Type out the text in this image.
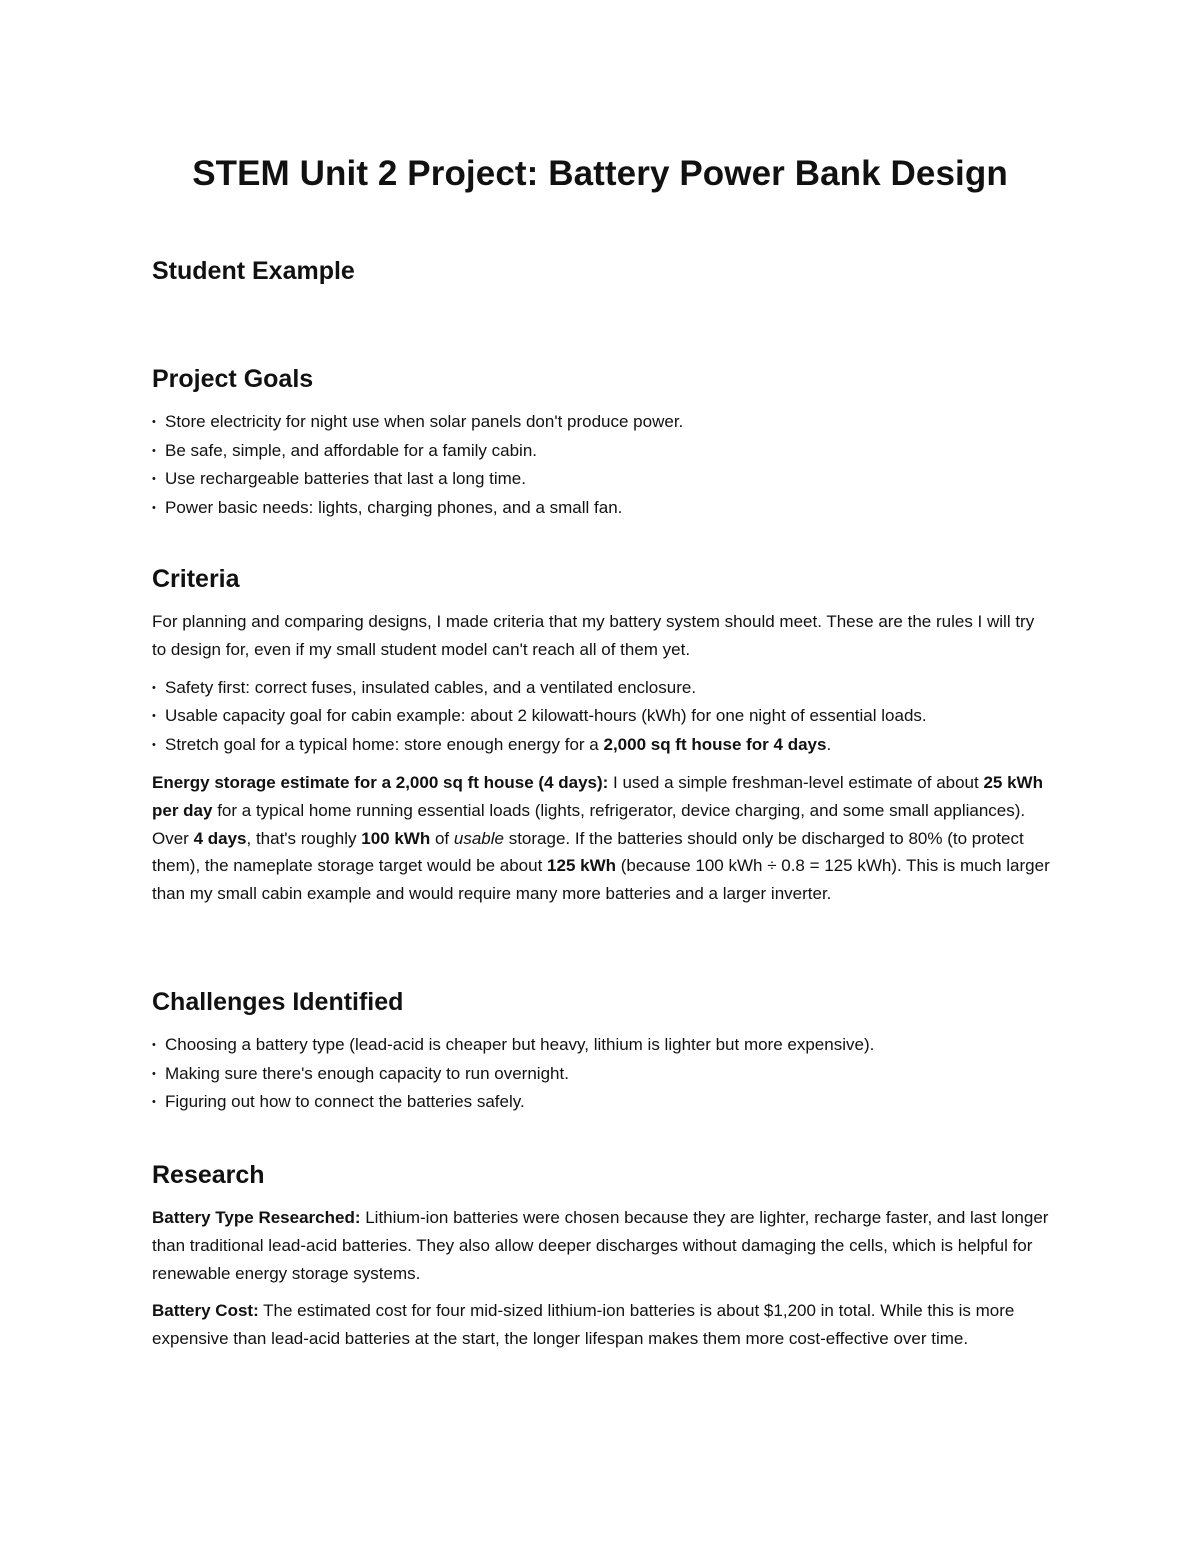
STEM Unit 2 Project: Battery Power Bank Design
Student Example
Project Goals
• Store electricity for night use when solar panels don't produce power.
• Be safe, simple, and affordable for a family cabin.
• Use rechargeable batteries that last a long time.
• Power basic needs: lights, charging phones, and a small fan.
Criteria

For planning and comparing designs, I made criteria that my battery system should meet. These are the rules I will try to design for, even if my small student model can't reach all of them yet.

• Safety first: correct fuses, insulated cables, and a ventilated enclosure.
• Usable capacity goal for cabin example: about 2 kilowatt-hours (kWh) for one night of essential loads.
• Stretch goal for a typical home: store enough energy for a 2,000 sq ft house for 4 days.

Energy storage estimate for a 2,000 sq ft house (4 days): I used a simple freshman-level estimate of about 25 kWh per day for a typical home running essential loads (lights, refrigerator, device charging, and some small appliances). Over 4 days, that's roughly 100 kWh of usable storage. If the batteries should only be discharged to 80% (to protect them), the nameplate storage target would be about 125 kWh (because 100 kWh ÷ 0.8 = 125 kWh). This is much larger than my small cabin example and would require many more batteries and a larger inverter.

Challenges Identified
• Choosing a battery type (lead-acid is cheaper but heavy, lithium is lighter but more expensive).
• Making sure there's enough capacity to run overnight.
• Figuring out how to connect the batteries safely.
Research

Battery Type Researched: Lithium-ion batteries were chosen because they are lighter, recharge faster, and last longer than traditional lead-acid batteries. They also allow deeper discharges without damaging the cells, which is helpful for renewable energy storage systems.

Battery Cost: The estimated cost for four mid-sized lithium-ion batteries is about $1,200 in total. While this is more expensive than lead-acid batteries at the start, the longer lifespan makes them more cost-effective over time.
